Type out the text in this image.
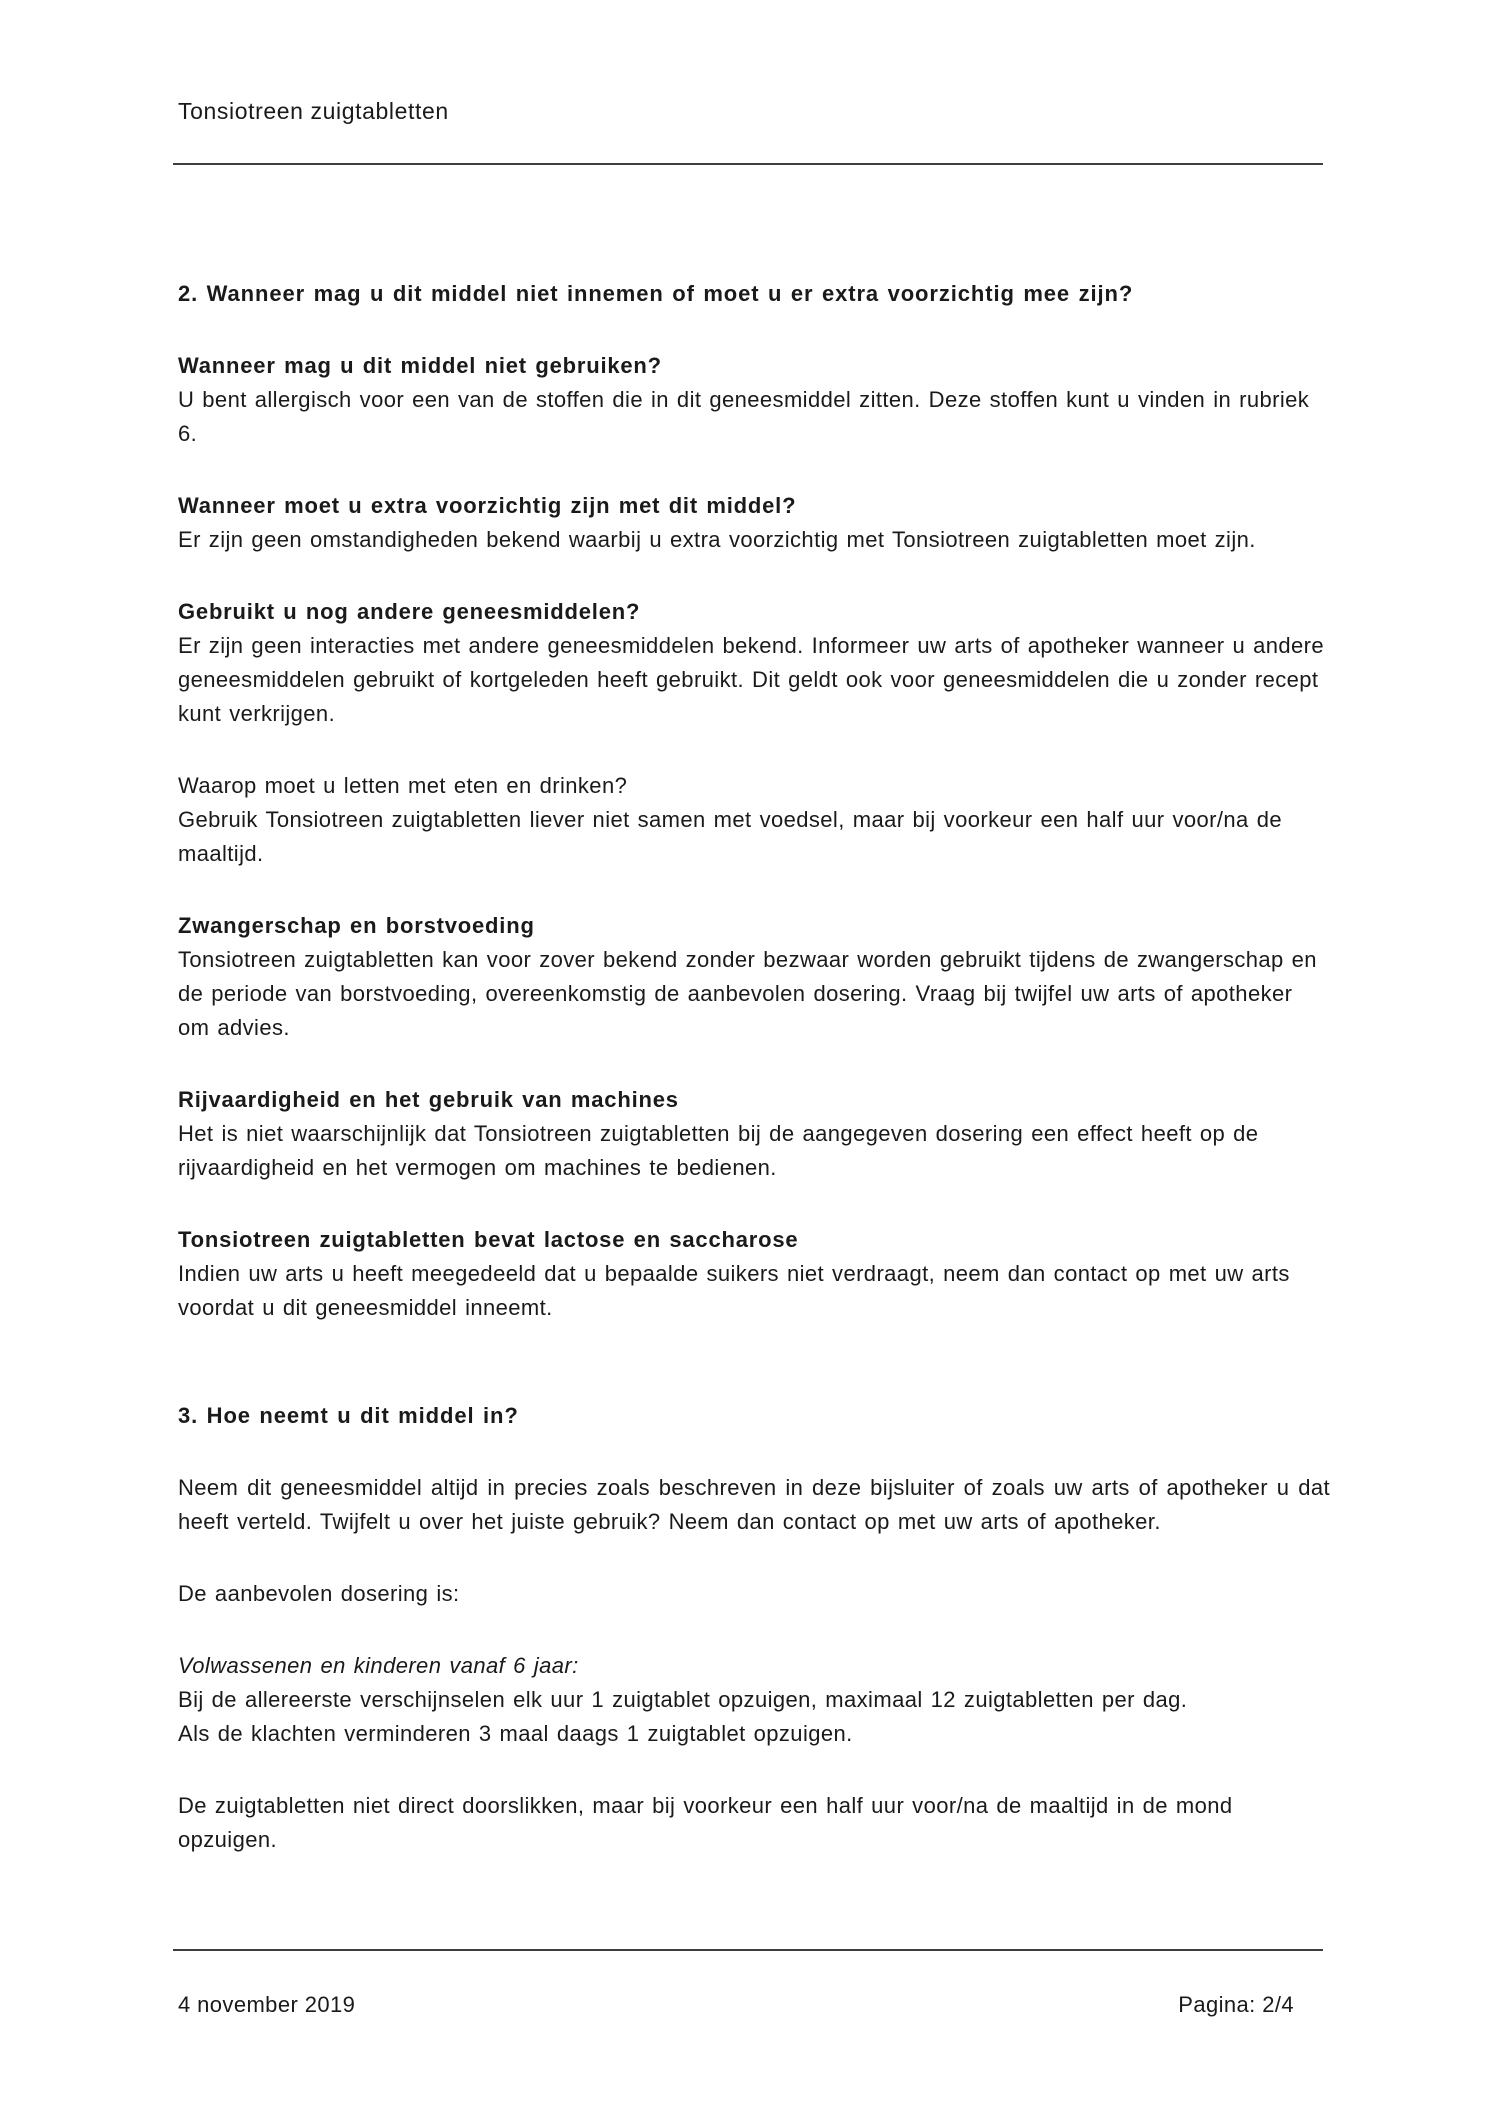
Tonsiotreen zuigtabletten
2. Wanneer mag u dit middel niet innemen of moet u er extra voorzichtig mee zijn?
Wanneer mag u dit middel niet gebruiken?
U bent allergisch voor een van de stoffen die in dit geneesmiddel zitten. Deze stoffen kunt u vinden in rubriek 6.
Wanneer moet u extra voorzichtig zijn met dit middel?
Er zijn geen omstandigheden bekend waarbij u extra voorzichtig met Tonsiotreen zuigtabletten moet zijn.
Gebruikt u nog andere geneesmiddelen?
Er zijn geen interacties met andere geneesmiddelen bekend. Informeer uw arts of apotheker wanneer u andere geneesmiddelen gebruikt of kortgeleden heeft gebruikt. Dit geldt ook voor geneesmiddelen die u zonder recept kunt verkrijgen.
Waarop moet u letten met eten en drinken?
Gebruik Tonsiotreen zuigtabletten liever niet samen met voedsel, maar bij voorkeur een half uur voor/na de maaltijd.
Zwangerschap en borstvoeding
Tonsiotreen zuigtabletten kan voor zover bekend zonder bezwaar worden gebruikt tijdens de zwangerschap en de periode van borstvoeding, overeenkomstig de aanbevolen dosering. Vraag bij twijfel uw arts of apotheker om advies.
Rijvaardigheid en het gebruik van machines
Het is niet waarschijnlijk dat Tonsiotreen zuigtabletten bij de aangegeven dosering een effect heeft op de rijvaardigheid en het vermogen om machines te bedienen.
Tonsiotreen zuigtabletten bevat lactose en saccharose
Indien uw arts u heeft meegedeeld dat u bepaalde suikers niet verdraagt, neem dan contact op met uw arts voordat u dit geneesmiddel inneemt.
3. Hoe neemt u dit middel in?
Neem dit geneesmiddel altijd in precies zoals beschreven in deze bijsluiter of zoals uw arts of apotheker u dat heeft verteld. Twijfelt u over het juiste gebruik? Neem dan contact op met uw arts of apotheker.
De aanbevolen dosering is:
Volwassenen en kinderen vanaf 6 jaar:
Bij de allereerste verschijnselen elk uur 1 zuigtablet opzuigen, maximaal 12 zuigtabletten per dag.
Als de klachten verminderen 3 maal daags 1 zuigtablet opzuigen.
De zuigtabletten niet direct doorslikken, maar bij voorkeur een half uur voor/na de maaltijd in de mond opzuigen.
4 november 2019	Pagina: 2/4
